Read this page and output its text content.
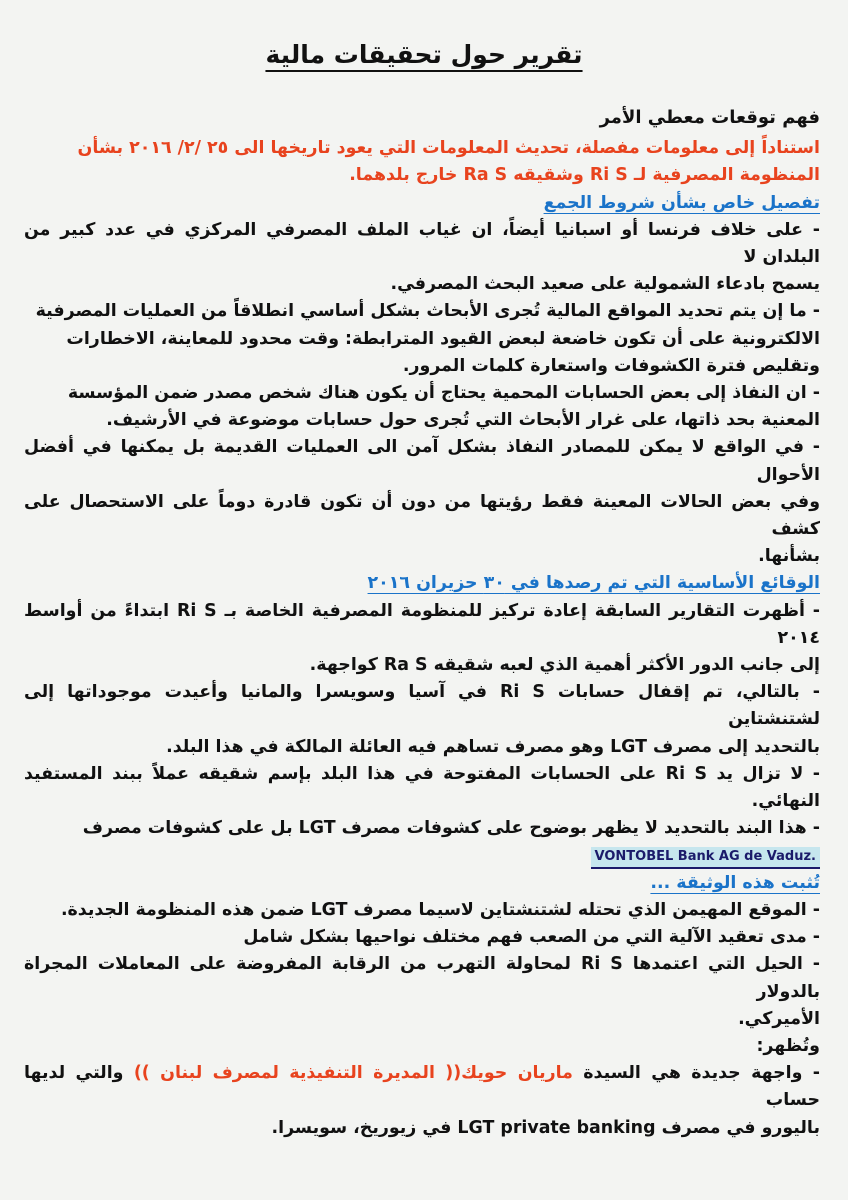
تقرير حول تحقيقات مالية

فهم توقعات معطي الأمر

استناداً إلى معلومات مفصلة، تحديث المعلومات التي يعود تاريخها الى ٢٥ /٢/ ٢٠١٦ بشأن

المنظومة المصرفية لـ Ri S وشقيقه Ra S خارج بلدهما.

تفصيل خاص بشأن شروط الجمع

- على خلاف فرنسا أو اسبانيا أيضاً، ان غياب الملف المصرفي المركزي في عدد كبير من البلدان لا

يسمح بادعاء الشمولية على صعيد البحث المصرفي.

- ما إن يتم تحديد المواقع المالية تُجرى الأبحاث بشكل أساسي انطلاقاً من العمليات المصرفية

الالكترونية على أن تكون خاضعة لبعض القيود المترابطة: وقت محدود للمعاينة، الاخطارات

وتقليص فترة الكشوفات واستعارة كلمات المرور.

- ان النفاذ إلى بعض الحسابات المحمية يحتاج أن يكون هناك شخص مصدر ضمن المؤسسة

المعنية بحد ذاتها، على غرار الأبحاث التي تُجرى حول حسابات موضوعة في الأرشيف.

- في الواقع لا يمكن للمصادر النفاذ بشكل آمن الى العمليات القديمة بل يمكنها في أفضل الأحوال

وفي بعض الحالات المعينة فقط رؤيتها من دون أن تكون قادرة دوماً على الاستحصال على كشف

بشأنها.

الوقائع الأساسية التي تم رصدها في ٣٠ حزيران ٢٠١٦

- أظهرت التقارير السابقة إعادة تركيز للمنظومة المصرفية الخاصة بـ Ri S ابتداءً من أواسط ٢٠١٤

إلى جانب الدور الأكثر أهمية الذي لعبه شقيقه Ra S كواجهة.

- بالتالي، تم إقفال حسابات Ri S في آسيا وسويسرا والمانيا وأعيدت موجوداتها إلى لشتنشتاين

بالتحديد إلى مصرف LGT وهو مصرف تساهم فيه العائلة المالكة في هذا البلد.

- لا تزال يد Ri S على الحسابات المفتوحة في هذا البلد بإسم شقيقه عملاً ببند المستفيد النهائي.

- هذا البند بالتحديد لا يظهر بوضوح على كشوفات مصرف LGT بل على كشوفات مصرف

VONTOBEL Bank AG de Vaduz.

تُثبت هذه الوثيقة ...

- الموقع المهيمن الذي تحتله لشتنشتاين لاسيما مصرف LGT ضمن هذه المنظومة الجديدة.

- مدى تعقيد الآلية التي من الصعب فهم مختلف نواحيها بشكل شامل

- الحيل التي اعتمدها Ri S لمحاولة التهرب من الرقابة المفروضة على المعاملات المجراة بالدولار

الأميركي.

وتُظهر:

- واجهة جديدة هي السيدة ماريان حويك(( المديرة التنفيذية لمصرف لبنان )) والتي لديها حساب

باليورو في مصرف LGT private banking في زيوريخ، سويسرا.
